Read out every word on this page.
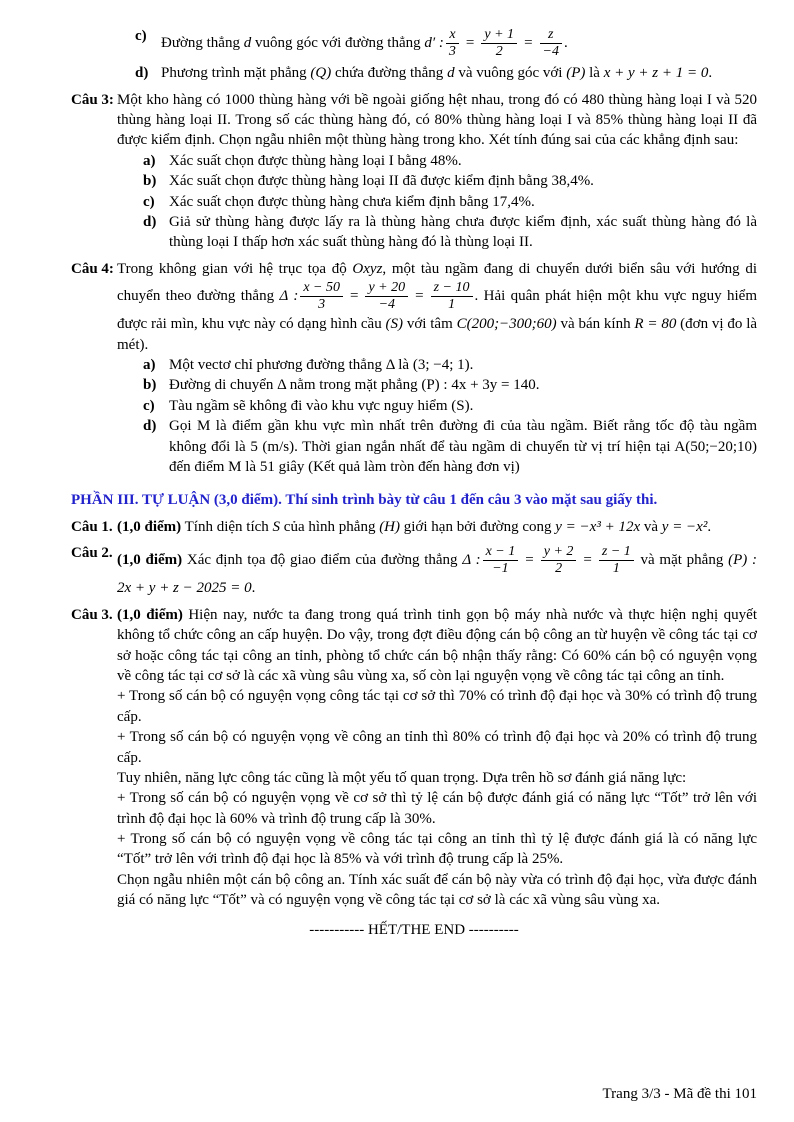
c) Đường thẳng d vuông góc với đường thẳng d′ : $\frac{x}{3} = \frac{y + 1}{2} = \frac{z}{-4}$ .
d) Phương trình mặt phẳng (Q) chứa đường thẳng d và vuông góc với (P) là x + y + z + 1 = 0.
Câu 3: Một kho hàng có 1000 thùng hàng với bề ngoài giống hệt nhau, trong đó có 480 thùng hàng loại I và 520 thùng hàng loại II. Trong số các thùng hàng đó, có 80% thùng hàng loại I và 85% thùng hàng loại II đã được kiểm định. Chọn ngẫu nhiên một thùng hàng trong kho. Xét tính đúng sai của các khẳng định sau:
a) Xác suất chọn được thùng hàng loại I bằng 48%.
b) Xác suất chọn được thùng hàng loại II đã được kiểm định bằng 38,4%.
c) Xác suất chọn được thùng hàng chưa kiểm định bằng 17,4%.
d) Giả sử thùng hàng được lấy ra là thùng hàng chưa được kiểm định, xác suất thùng hàng đó là thùng loại I thấp hơn xác suất thùng hàng đó là thùng loại II.
Câu 4: Trong không gian với hệ trục tọa độ Oxyz, một tàu ngầm đang di chuyển dưới biển sâu với hướng di chuyển theo đường thẳng Δ : $\frac{x - 50}{3} = \frac{y + 20}{-4} = \frac{z - 10}{1}$ . Hải quân phát hiện một khu vực nguy hiểm được rải mìn, khu vực này có dạng hình cầu (S) với tâm C(200;−300;60) và bán kính R = 80 (đơn vị đo là mét).
a) Một vectơ chỉ phương đường thẳng Δ là (3; −4; 1).
b) Đường di chuyển Δ nằm trong mặt phẳng (P) : 4x + 3y = 140.
c) Tàu ngầm sẽ không đi vào khu vực nguy hiểm (S).
d) Gọi M là điểm gần khu vực mìn nhất trên đường đi của tàu ngầm. Biết rằng tốc độ tàu ngầm không đổi là 5 (m/s). Thời gian ngắn nhất để tàu ngầm di chuyển từ vị trí hiện tại A(50;−20;10) đến điểm M là 51 giây (Kết quả làm tròn đến hàng đơn vị)
PHẦN III. TỰ LUẬN (3,0 điểm). Thí sinh trình bày từ câu 1 đến câu 3 vào mặt sau giấy thi.
Câu 1. (1,0 điểm) Tính diện tích S của hình phẳng (H) giới hạn bởi đường cong y = −x³ + 12x và y = −x².
Câu 2. (1,0 điểm) Xác định tọa độ giao điểm của đường thẳng Δ : $\frac{x - 1}{-1} = \frac{y + 2}{2} = \frac{z - 1}{1}$ và mặt phẳng (P) : 2x + y + z − 2025 = 0.
Câu 3. (1,0 điểm) Hiện nay, nước ta đang trong quá trình tinh gọn bộ máy nhà nước và thực hiện nghị quyết không tổ chức công an cấp huyện. Do vậy, trong đợt điều động cán bộ công an từ huyện về công tác tại cơ sở hoặc công tác tại công an tỉnh, phòng tổ chức cán bộ nhận thấy rằng: Có 60% cán bộ có nguyện vọng về công tác tại cơ sở là các xã vùng sâu vùng xa, số còn lại nguyện vọng về công tác tại công an tỉnh.

+ Trong số cán bộ có nguyện vọng công tác tại cơ sở thì 70% có trình độ đại học và 30% có trình độ trung cấp.

+ Trong số cán bộ có nguyện vọng về công an tỉnh thì 80% có trình độ đại học và 20% có trình độ trung cấp.

Tuy nhiên, năng lực công tác cũng là một yếu tố quan trọng. Dựa trên hồ sơ đánh giá năng lực:

+ Trong số cán bộ có nguyện vọng về cơ sở thì tỷ lệ cán bộ được đánh giá có năng lực “Tốt” trở lên với trình độ đại học là 60% và trình độ trung cấp là 30%.

+ Trong số cán bộ có nguyện vọng về công tác tại công an tỉnh thì tỷ lệ được đánh giá là có năng lực “Tốt” trở lên với trình độ đại học là 85% và với trình độ trung cấp là 25%.

Chọn ngẫu nhiên một cán bộ công an. Tính xác suất để cán bộ này vừa có trình độ đại học, vừa được đánh giá có năng lực “Tốt” và có nguyện vọng về công tác tại cơ sở là các xã vùng sâu vùng xa.

----------- HẾT/THE END ----------
Trang 3/3 - Mã đề thi 101
